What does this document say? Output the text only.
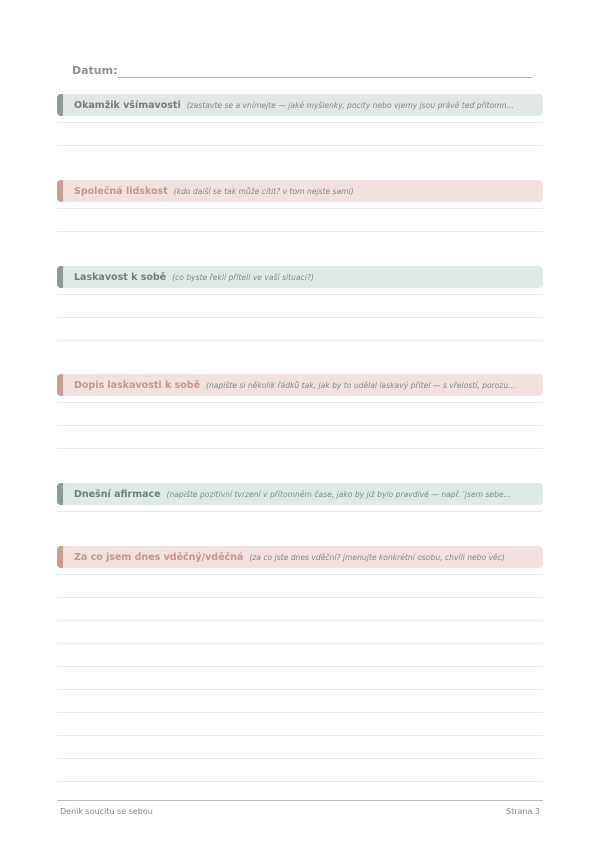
Datum:
Okamžik všímavosti (zastavte se a vnímejte — jaké myšlenky, pocity nebo vjemy jsou právě teď přítomn...
Společná lidskost (kdo další se tak může cítit? v tom nejste sami)
Laskavost k sobě (co byste řekli příteli ve vaší situaci?)
Dopis laskavosti k sobě (napište si několik řádků tak, jak by to udělal laskavý přítel — s vřelostí, porozu...
Dnešní afirmace (napište pozitivní tvrzení v přítomném čase, jako by již bylo pravdivé — např. 'jsem sebe...
Za co jsem dnes vděčný/vděčná (za co jste dnes vděční? jmenujte konkrétní osobu, chvíli nebo věc)
Deník soucitu se sebou	Strana 3
